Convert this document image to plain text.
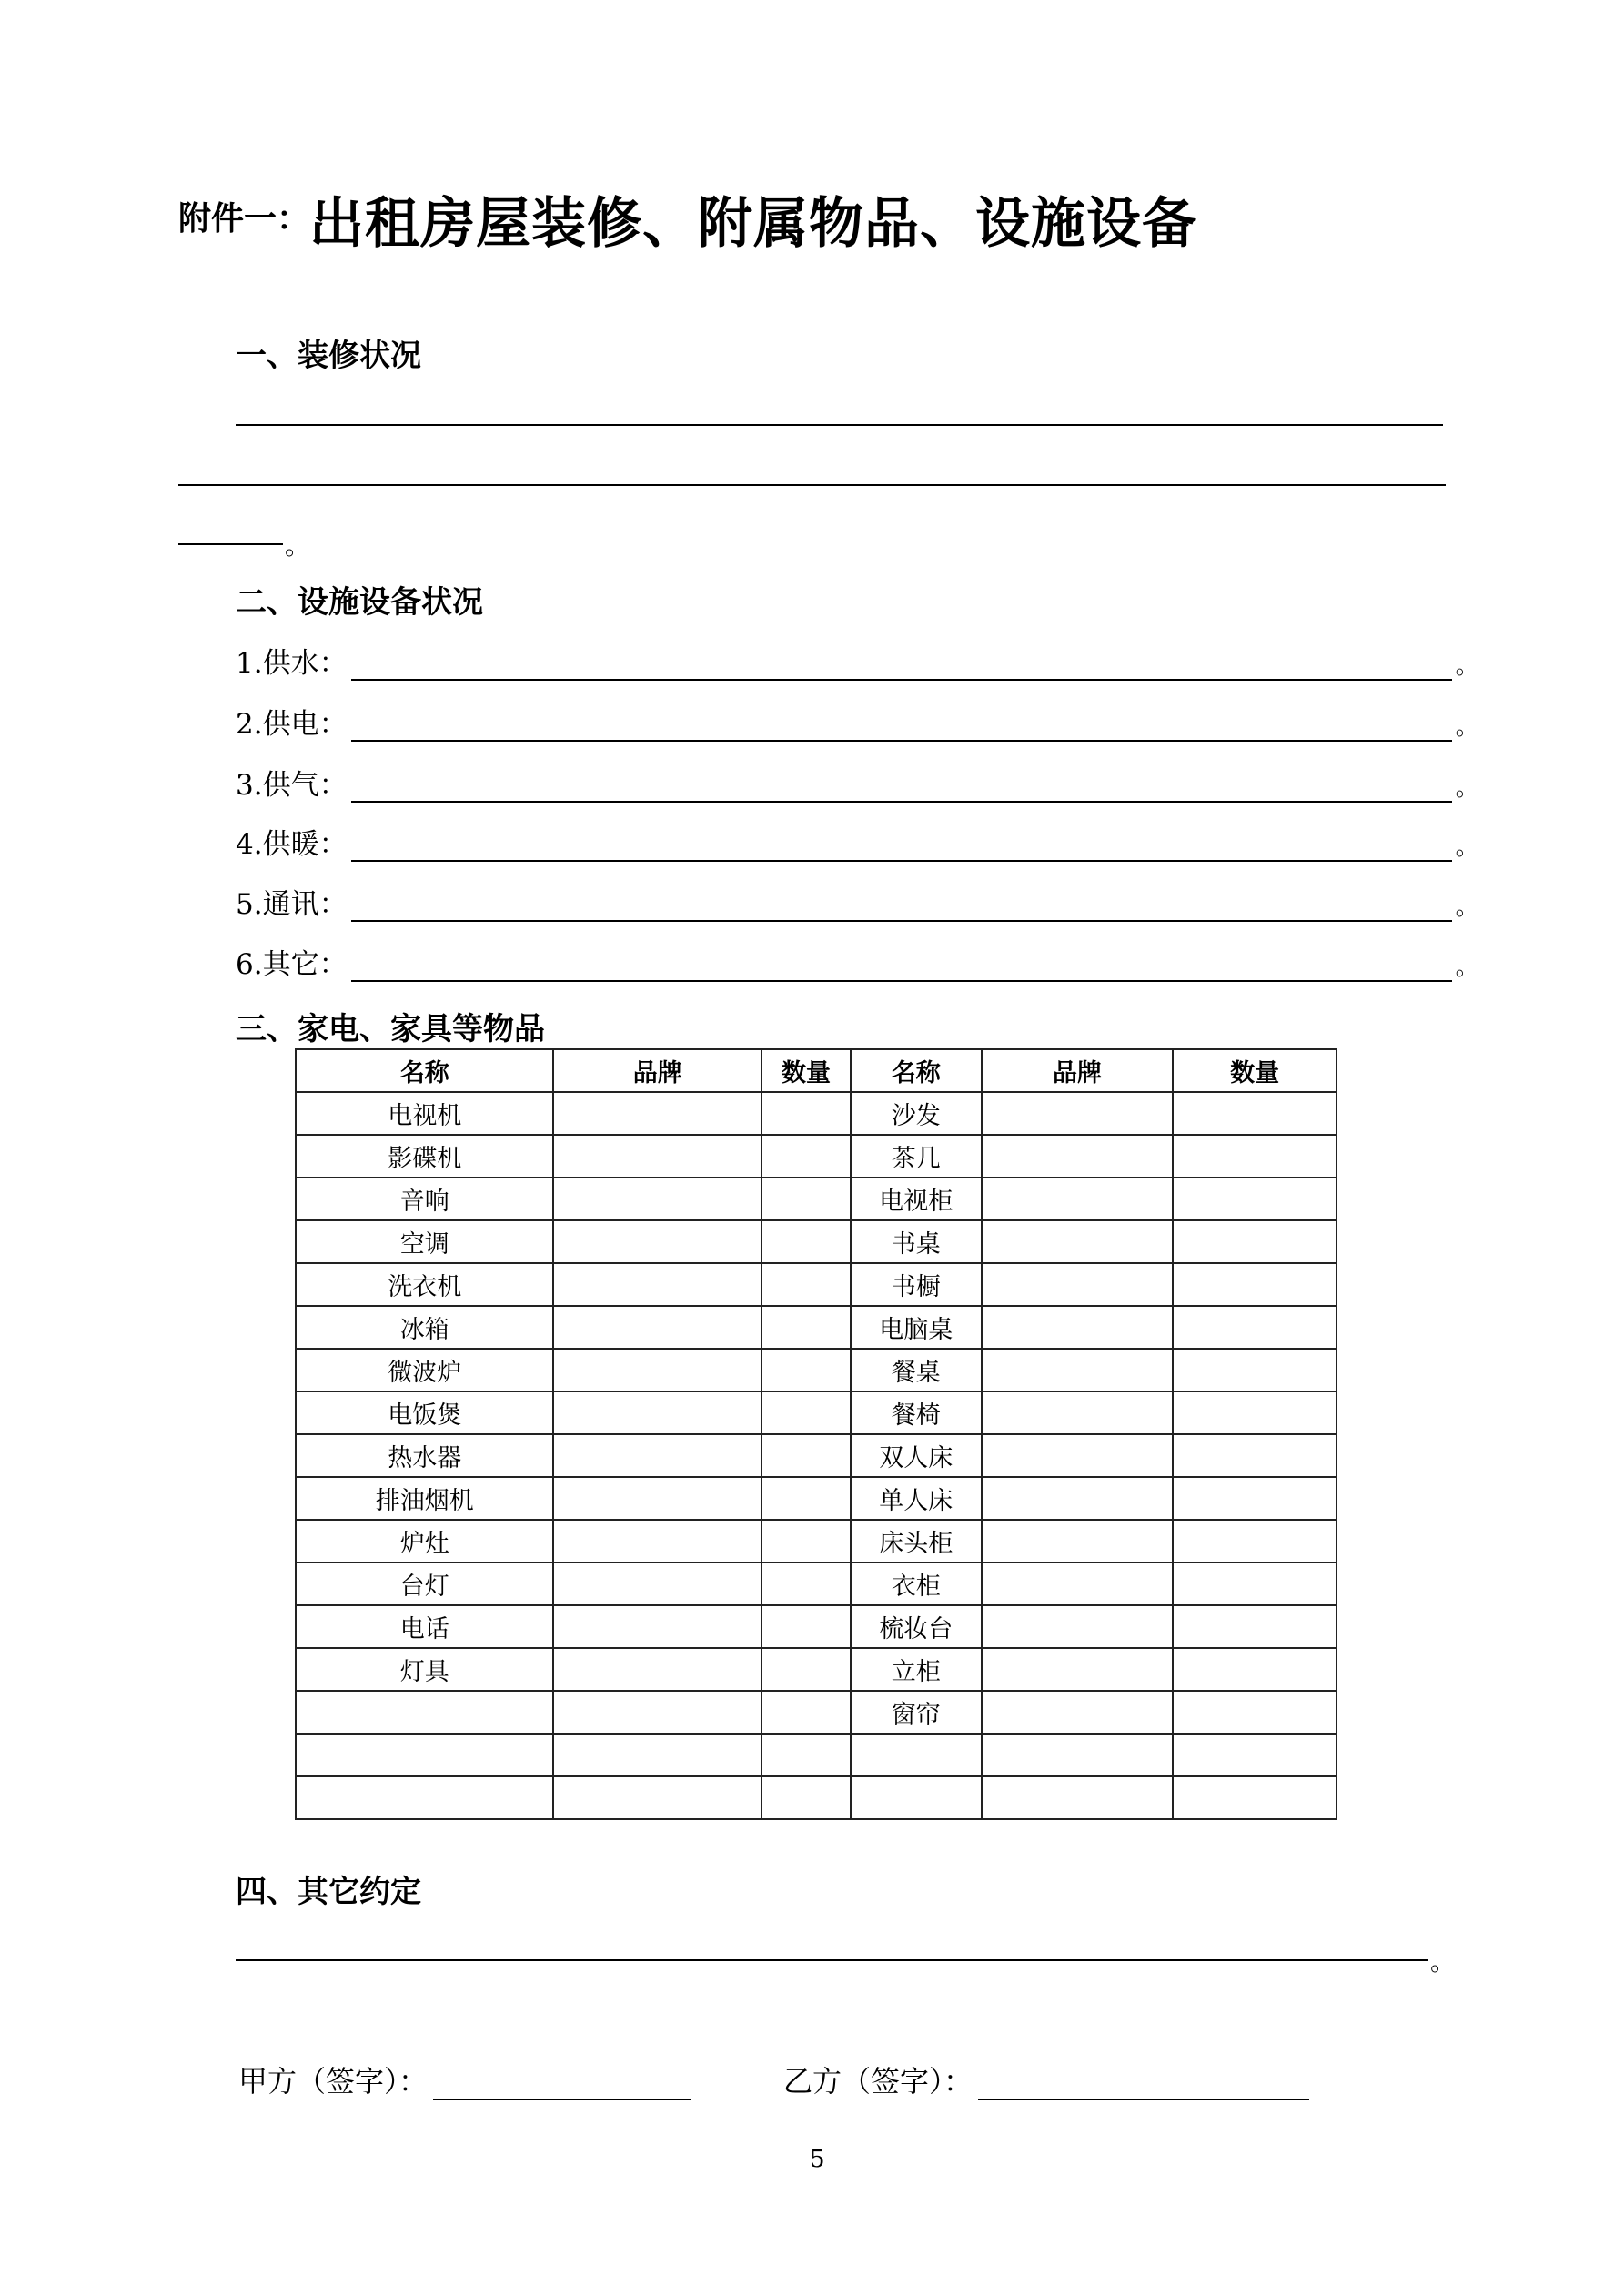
附件一： 出租房屋装修、附属物品、设施设备
一、装修状况
。
二、设施设备状况
1.供水：	。
2.供电：	。
3.供气：	。
4.供暖：	。
5.通讯：	。
6.其它：	。
三、家电、家具等物品
名称	品牌	数量	名称	品牌	数量
电视机			沙发		
影碟机			茶几		
音响			电视柜		
空调			书桌		
洗衣机			书橱		
冰箱			电脑桌		
微波炉			餐桌		
电饭煲			餐椅		
热水器			双人床		
排油烟机			单人床		
炉灶			床头柜		
台灯			衣柜		
电话			梳妆台		
灯具			立柜		
			窗帘		

四、其它约定
。
甲方（签字）：	乙方（签字）：
5
